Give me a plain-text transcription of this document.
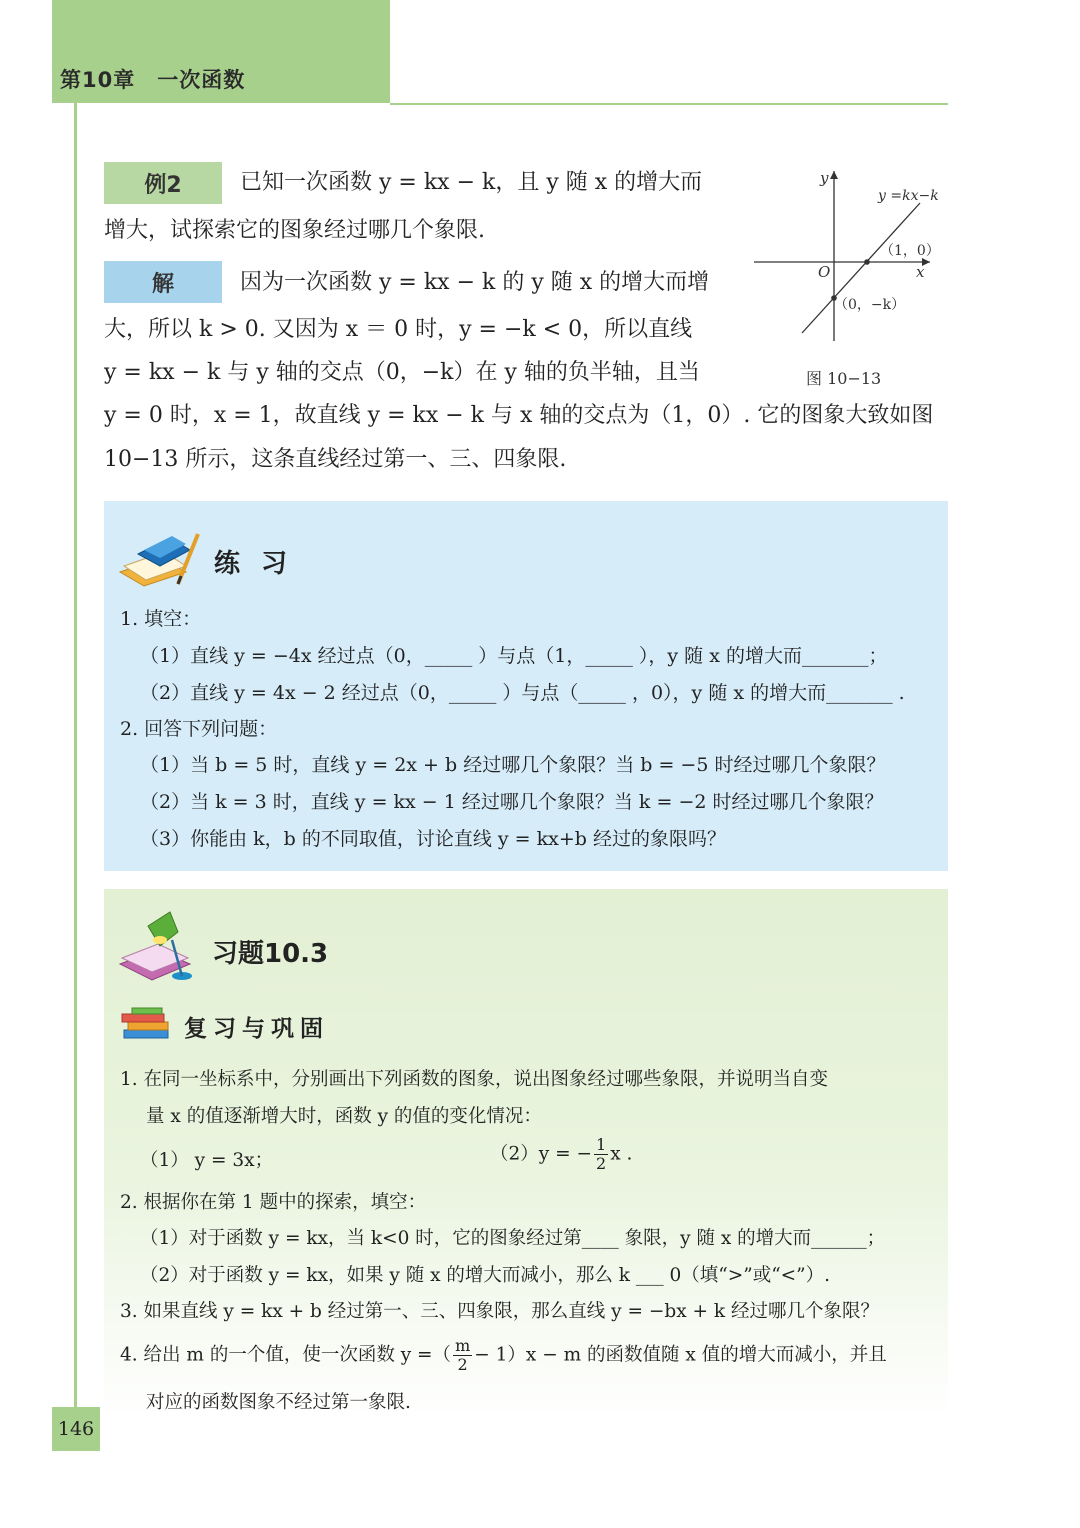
第10章　一次函数
例2	已知一次函数 y = kx − k，且 y 随 x 的增大而
增大，试探索它的图象经过哪几个象限.
解	因为一次函数 y = kx − k 的 y 随 x 的增大而增
大，所以 k > 0. 又因为 x ＝ 0 时，y = −k < 0，所以直线
y = kx − k 与 y 轴的交点（0，−k）在 y 轴的负半轴，且当
y = 0 时，x = 1，故直线 y = kx − k 与 x 轴的交点为（1，0）. 它的图象大致如图
10−13 所示，这条直线经过第一、三、四象限.
y
x
O
y =kx−k
（1，0）
（0，−k）
图 10−13
练 习
1. 填空：
（1）直线 y = −4x 经过点（0，_____ ）与点（1，_____ ），y 随 x 的增大而_______；
（2）直线 y = 4x − 2 经过点（0，_____ ）与点（_____ ，0），y 随 x 的增大而_______ .
2. 回答下列问题：
（1）当 b = 5 时，直线 y = 2x + b 经过哪几个象限？当 b = −5 时经过哪几个象限？
（2）当 k = 3 时，直线 y = kx − 1 经过哪几个象限？当 k = −2 时经过哪几个象限？
（3）你能由 k，b 的不同取值，讨论直线 y = kx+b 经过的象限吗？
习题10.3
复习与巩固
1. 在同一坐标系中，分别画出下列函数的图象，说出图象经过哪些象限，并说明当自变
量 x 的值逐渐增大时，函数 y 的值的变化情况：
（1） y = 3x；	（2）y = − $\frac{1}{2}$ x .
2. 根据你在第 1 题中的探索，填空：
（1）对于函数 y = kx，当 k<0 时，它的图象经过第____ 象限，y 随 x 的增大而______；
（2）对于函数 y = kx，如果 y 随 x 的增大而减小，那么 k ___ 0（填“>”或“<”）.
3. 如果直线 y = kx + b 经过第一、三、四象限，那么直线 y = −bx + k 经过哪几个象限？
4. 给出 m 的一个值，使一次函数 y =（ $\frac{m}{2} - 1)x - m$ 的函数值随 x 值的增大而减小，并且
对应的函数图象不经过第一象限.
146
